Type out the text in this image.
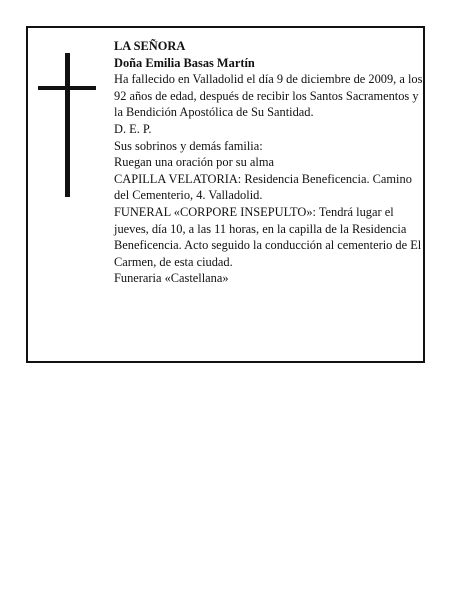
LA SEÑORA

Doña Emilia Basas Martín

Ha fallecido en Valladolid el día 9 de diciembre de 2009, a los 92 años de edad, después de recibir los Santos Sacramentos y la Bendición Apostólica de Su Santidad.

D. E. P.

Sus sobrinos y demás familia:

Ruegan una oración por su alma

CAPILLA VELATORIA: Residencia Beneficencia. Camino del Cementerio, 4. Valladolid.

FUNERAL «CORPORE INSEPULTO»: Tendrá lugar el jueves, día 10, a las 11 horas, en la capilla de la Residencia Beneficencia. Acto seguido la conducción al cementerio de El Carmen, de esta ciudad.

Funeraria «Castellana»
